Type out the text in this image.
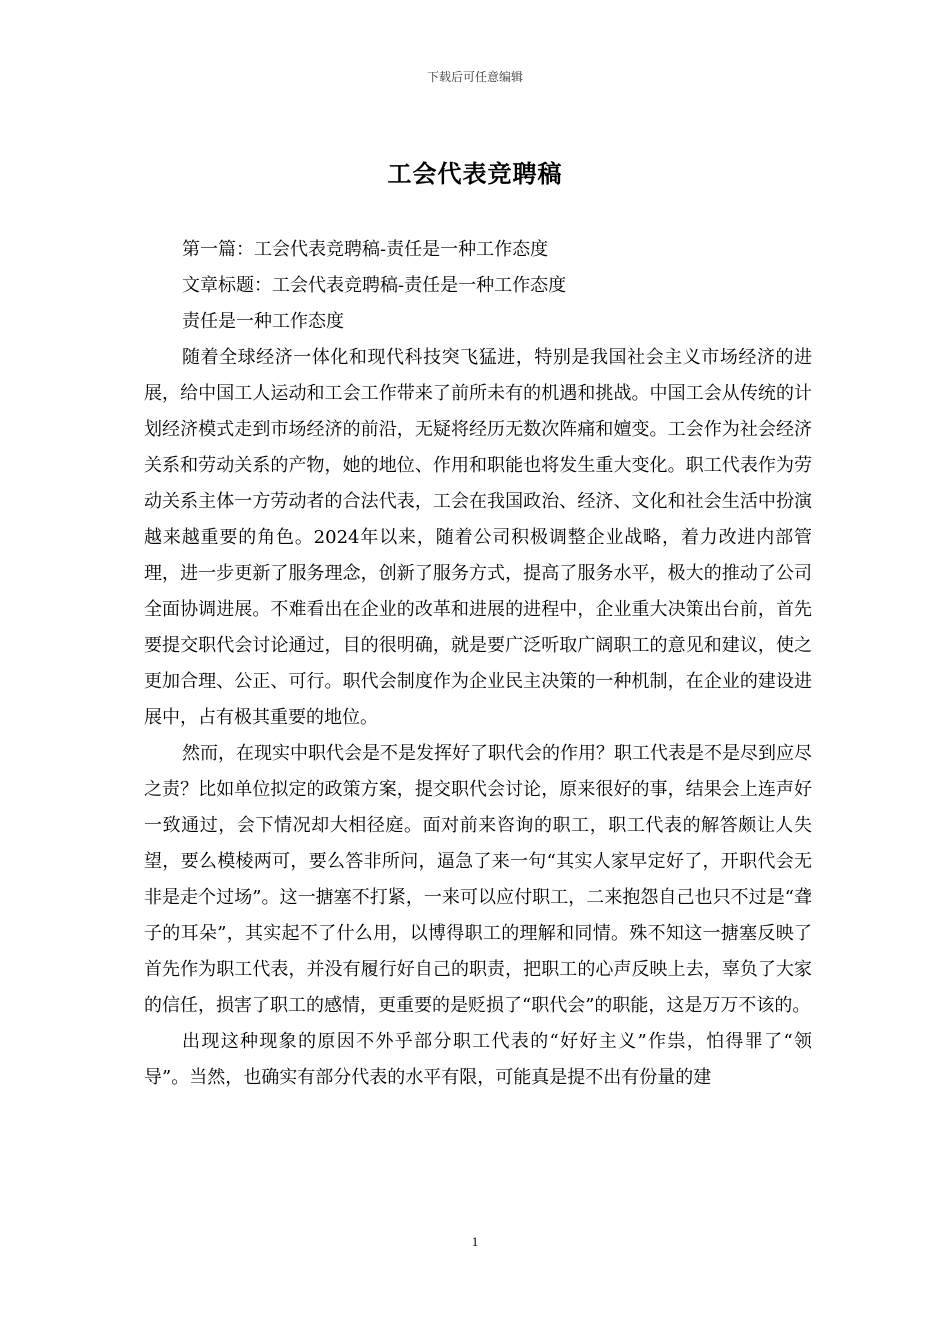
下载后可任意编辑
工会代表竞聘稿

第一篇：工会代表竞聘稿-责任是一种工作态度

文章标题：工会代表竞聘稿-责任是一种工作态度

责任是一种工作态度

随着全球经济一体化和现代科技突飞猛进，特别是我国社会主义市场经济的进展，给中国工人运动和工会工作带来了前所未有的机遇和挑战。中国工会从传统的计划经济模式走到市场经济的前沿，无疑将经历无数次阵痛和嬗变。工会作为社会经济关系和劳动关系的产物，她的地位、作用和职能也将发生重大变化。职工代表作为劳动关系主体一方劳动者的合法代表，工会在我国政治、经济、文化和社会生活中扮演越来越重要的角色。2024年以来，随着公司积极调整企业战略，着力改进内部管理，进一步更新了服务理念，创新了服务方式，提高了服务水平，极大的推动了公司全面协调进展。不难看出在企业的改革和进展的进程中，企业重大决策出台前，首先要提交职代会讨论通过，目的很明确，就是要广泛听取广阔职工的意见和建议，使之更加合理、公正、可行。职代会制度作为企业民主决策的一种机制，在企业的建设进展中，占有极其重要的地位。

然而，在现实中职代会是不是发挥好了职代会的作用？职工代表是不是尽到应尽之责？比如单位拟定的政策方案，提交职代会讨论，原来很好的事，结果会上连声好一致通过，会下情况却大相径庭。面对前来咨询的职工，职工代表的解答颇让人失望，要么模棱两可，要么答非所问，逼急了来一句“其实人家早定好了，开职代会无非是走个过场”。这一搪塞不打紧，一来可以应付职工，二来抱怨自己也只不过是“聋子的耳朵”，其实起不了什么用，以博得职工的理解和同情。殊不知这一搪塞反映了首先作为职工代表，并没有履行好自己的职责，把职工的心声反映上去，辜负了大家的信任，损害了职工的感情，更重要的是贬损了“职代会”的职能，这是万万不该的。

出现这种现象的原因不外乎部分职工代表的“好好主义”作祟，怕得罪了“领导”。当然，也确实有部分代表的水平有限，可能真是提不出有份量的建

1
